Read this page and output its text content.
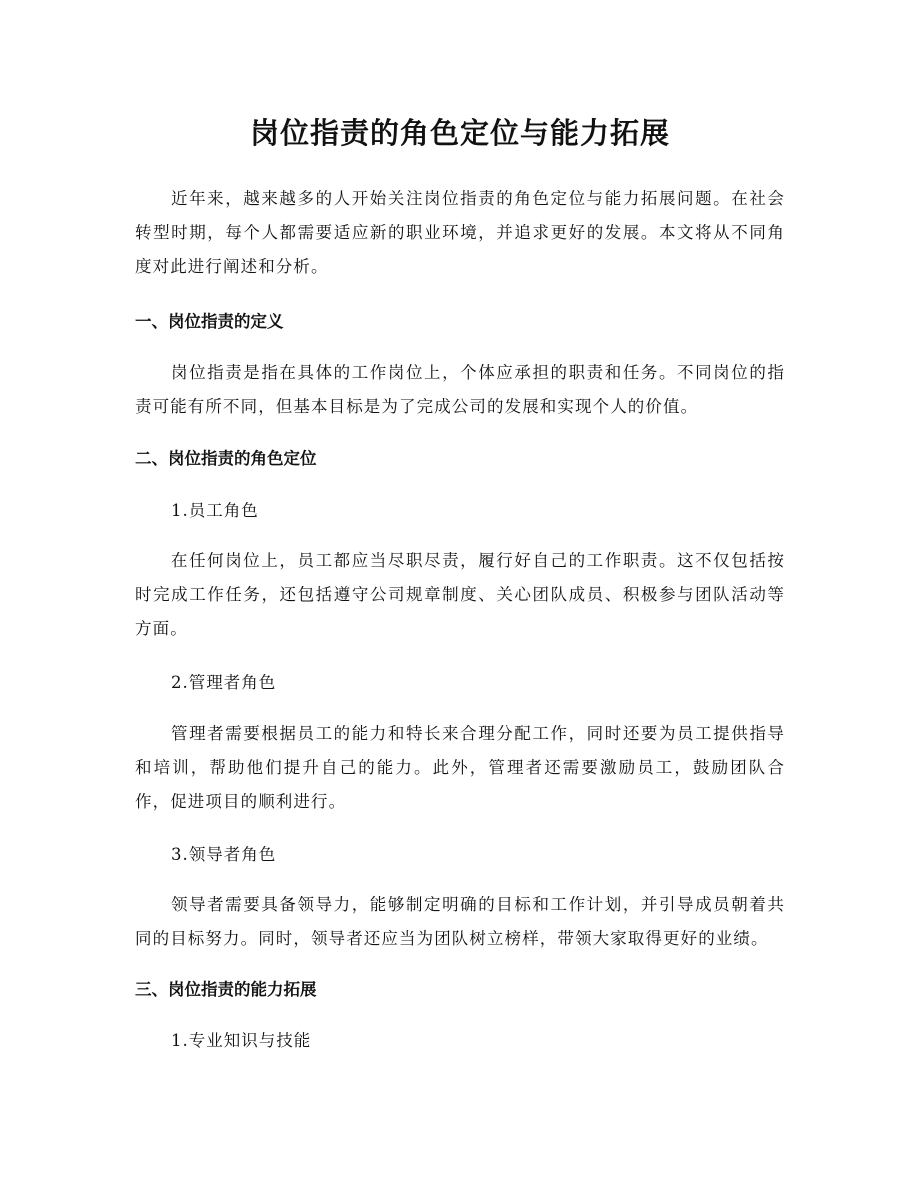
岗位指责的角色定位与能力拓展

近年来，越来越多的人开始关注岗位指责的角色定位与能力拓展问题。在社会转型时期，每个人都需要适应新的职业环境，并追求更好的发展。本文将从不同角度对此进行阐述和分析。

一、岗位指责的定义

岗位指责是指在具体的工作岗位上，个体应承担的职责和任务。不同岗位的指责可能有所不同，但基本目标是为了完成公司的发展和实现个人的价值。

二、岗位指责的角色定位

1.员工角色

在任何岗位上，员工都应当尽职尽责，履行好自己的工作职责。这不仅包括按时完成工作任务，还包括遵守公司规章制度、关心团队成员、积极参与团队活动等方面。

2.管理者角色

管理者需要根据员工的能力和特长来合理分配工作，同时还要为员工提供指导和培训，帮助他们提升自己的能力。此外，管理者还需要激励员工，鼓励团队合作，促进项目的顺利进行。

3.领导者角色

领导者需要具备领导力，能够制定明确的目标和工作计划，并引导成员朝着共同的目标努力。同时，领导者还应当为团队树立榜样，带领大家取得更好的业绩。

三、岗位指责的能力拓展

1.专业知识与技能
